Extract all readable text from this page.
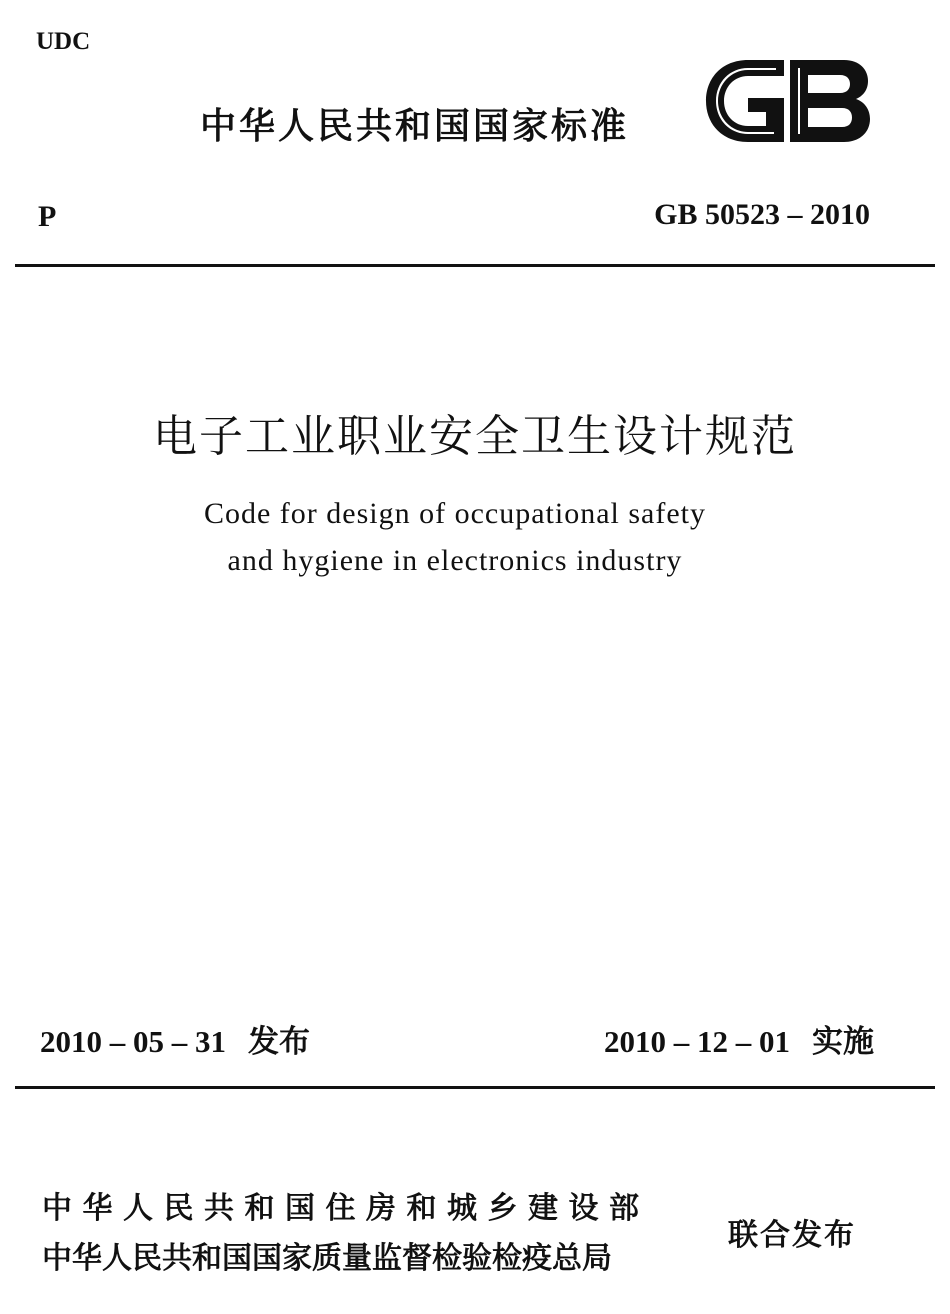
UDC
中华人民共和国国家标准
P	GB 50523 – 2010
电子工业职业安全卫生设计规范
Code for design of occupational safety
and hygiene in electronics industry
2010 – 05 – 31 发布	2010 – 12 – 01 实施
中华人民共和国住房和城乡建设部
中华人民共和国国家质量监督检验检疫总局
联合发布
